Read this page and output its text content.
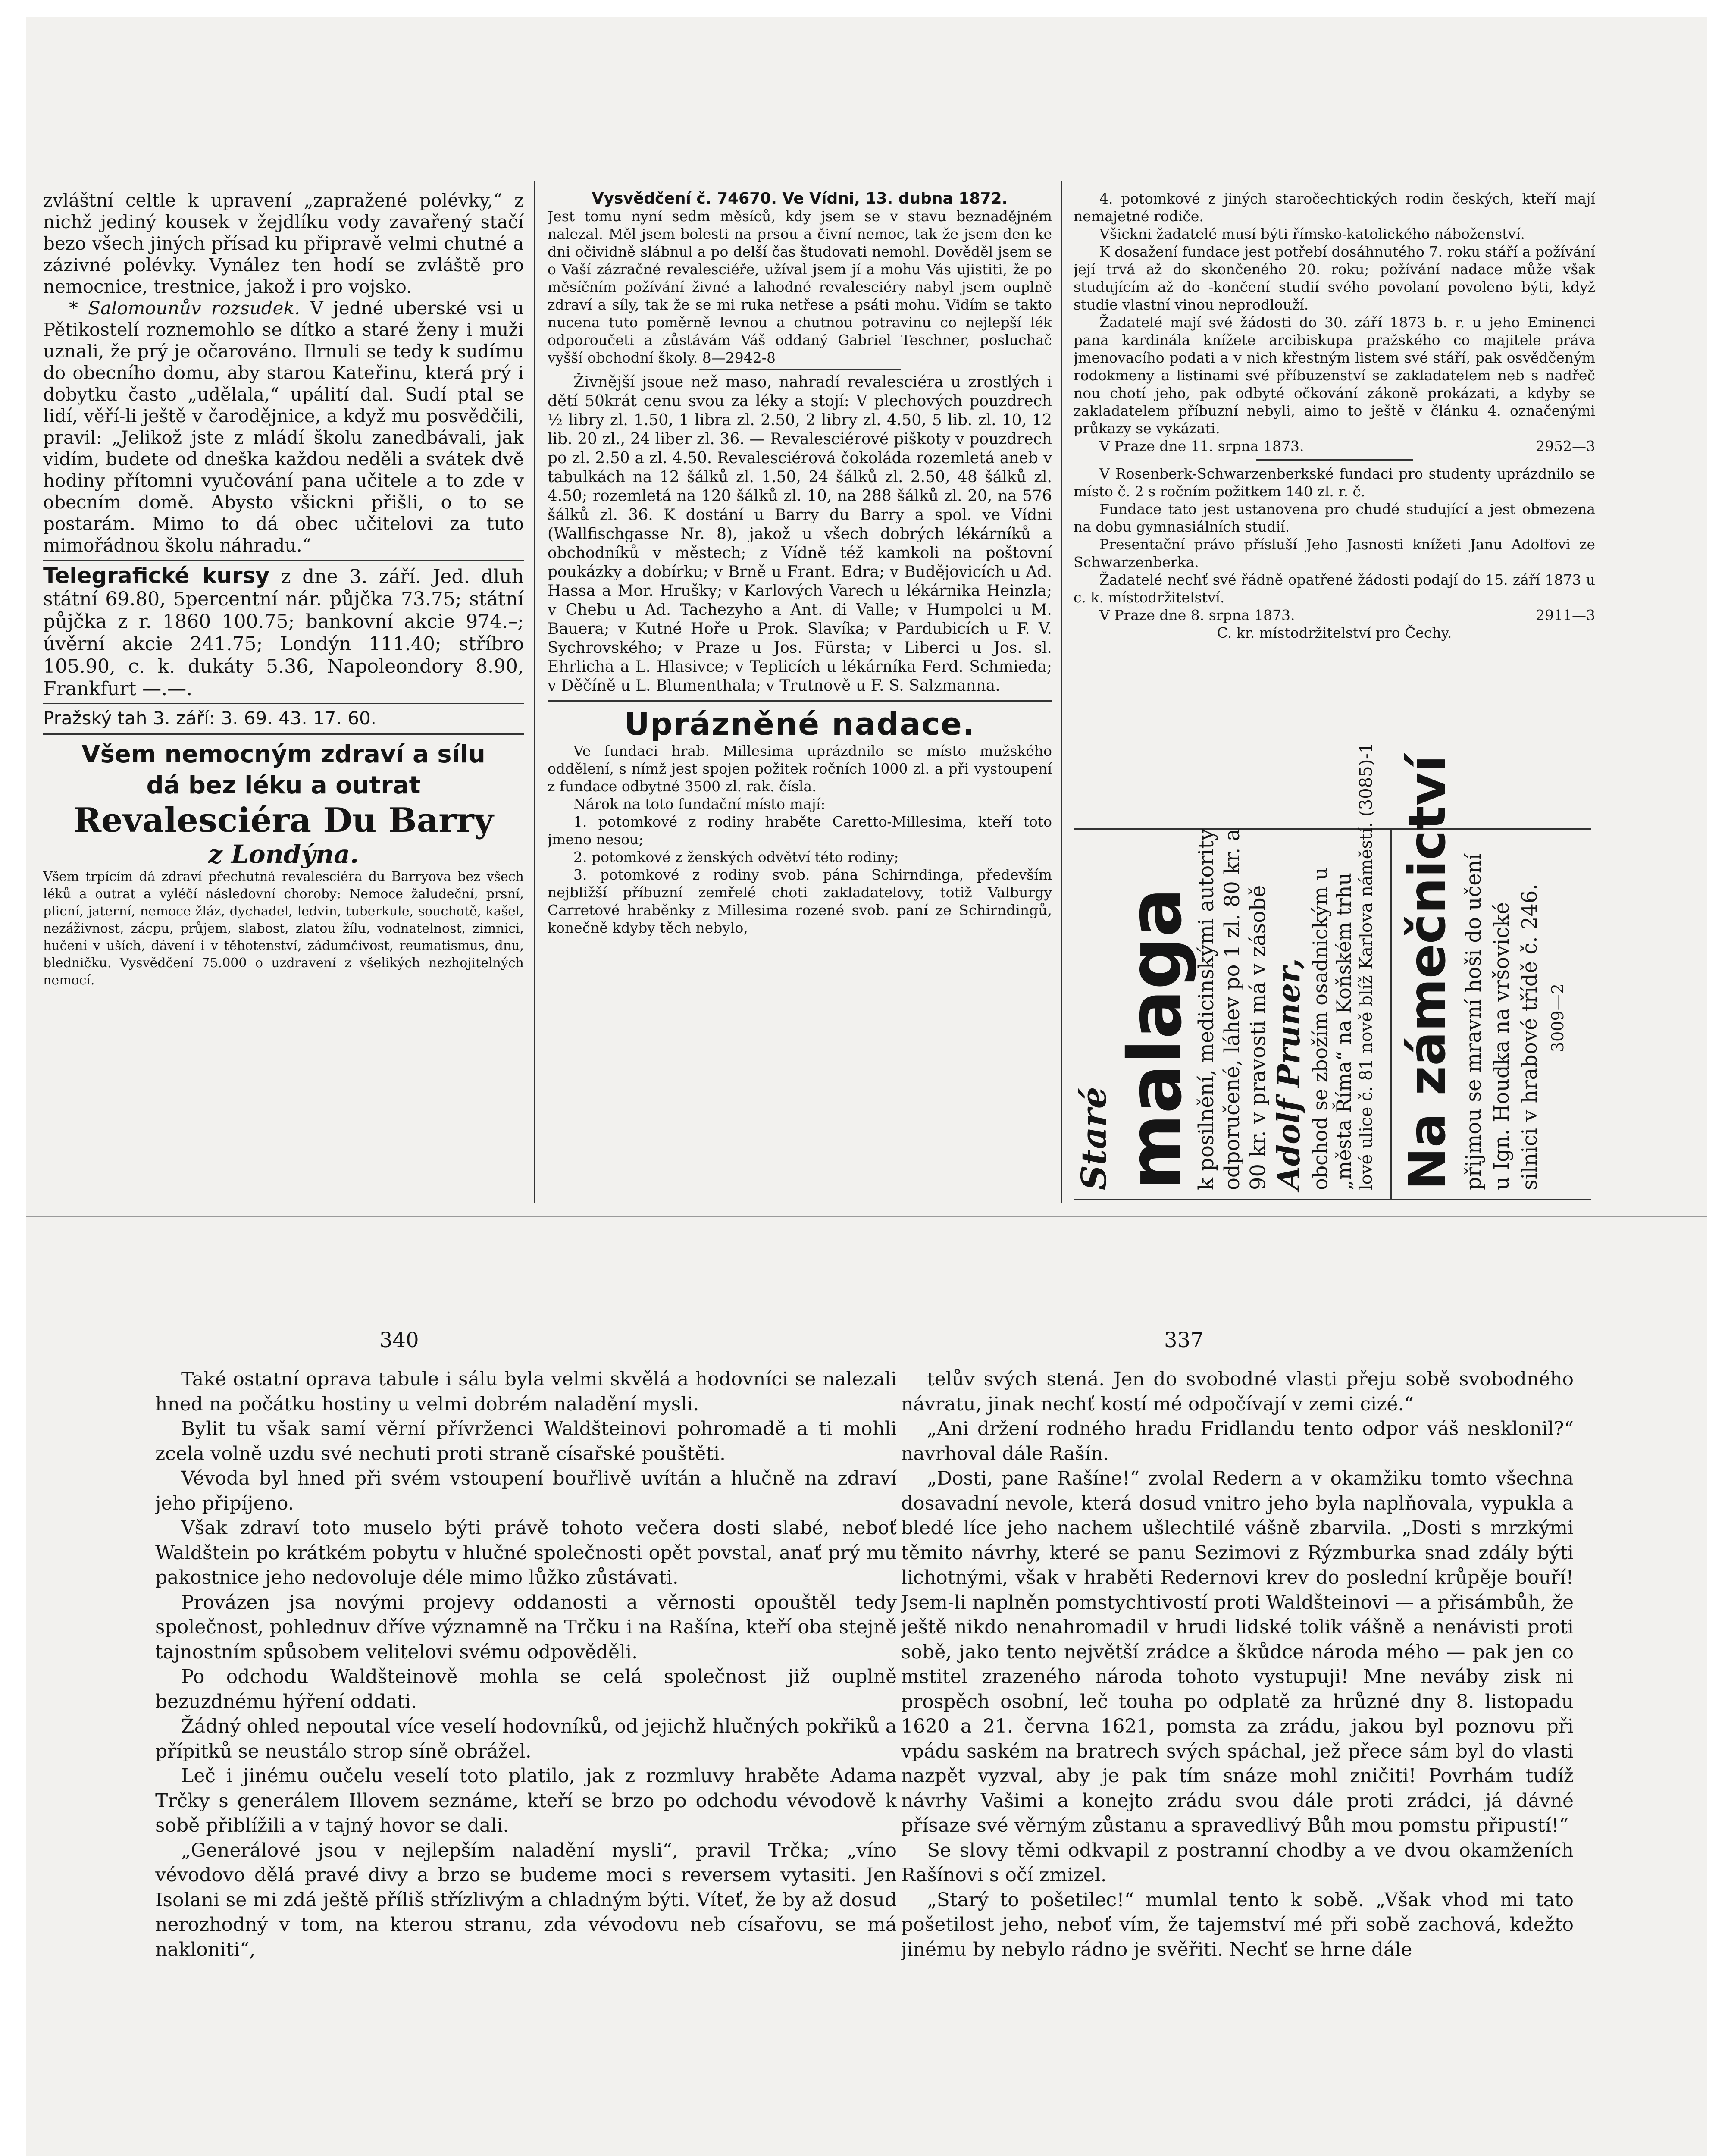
zvláštní celtle k upravení „zapražené polévky,“ z nichž jediný kousek v žejdlíku vody zavařený stačí bezo všech jiných přísad ku připravě velmi chutné a zázivné polévky. Vynález ten hodí se zvláště pro nemocnice, trestnice, jakož i pro vojsko.

* Salomounův rozsudek. V jedné uberské vsi u Pětikostelí roznemohlo se dítko a staré ženy i muži uznali, že prý je očarováno. Ilrnuli se tedy k sudímu do obecního domu, aby starou Kateřinu, která prý i dobytku často „udělala,“ upálití dal. Sudí ptal se lidí, věří-li ještě v čarodějnice, a když mu posvědčili, pravil: „Jelikož jste z mládí školu zanedbávali, jak vidím, budete od dneška každou neděli a svátek dvě hodiny přítomni vyučování pana učitele a to zde v obecním domě. Abysto všickni přišli, o to se postarám. Mimo to dá obec učitelovi za tuto mimořádnou školu náhradu.“

Telegrafické kursy z dne 3. září. Jed. dluh státní 69.80, 5percentní nár. půjčka 73.75; státní půjčka z r. 1860 100.75; bankovní akcie 974.–; úvěrní akcie 241.75; Londýn 111.40; stříbro 105.90, c. k. dukáty 5.36, Napoleondory 8.90, Frankfurt —.—.

Pražský tah 3. září: 3. 69. 43. 17. 60.

Všem nemocným zdraví a sílu
dá bez léku a outrat
Revalesciéra Du Barry
z Londýna.

Všem trpícím dá zdraví přechutná revalesciéra du Barryova bez všech léků a outrat a vyléčí následovní choroby: Nemoce žaludeční, prsní, plicní, jaterní, nemoce žláz, dychadel, ledvin, tuberkule, souchotě, kašel, nezáživnost, zácpu, průjem, slabost, zlatou žílu, vodnatelnost, zimnici, hučení v uších, dávení i v těhotenství, zádumčivost, reumatismus, dnu, bledničku. Vysvědčení 75.000 o uzdravení z všelikých nezhojitelných nemocí.

Vysvědčení č. 74670. Ve Vídni, 13. dubna 1872.

Jest tomu nyní sedm měsíců, kdy jsem se v stavu beznadějném nalezal. Měl jsem bolesti na prsou a čivní nemoc, tak že jsem den ke dni očividně slábnul a po delší čas študovati nemohl. Dověděl jsem se o Vaší zázračné revalesciéře, užíval jsem jí a mohu Vás ujistiti, že po měsíčním požívání živné a lahodné revalesciéry nabyl jsem ouplně zdraví a síly, tak že se mi ruka netřese a psáti mohu. Vidím se takto nucena tuto poměrně levnou a chutnou potravinu co nejlepší lék odporoučeti a zůstávám Váš oddaný Gabriel Teschner, posluchač vyšší obchodní školy. 8—2942-8

Živnější jsoue než maso, nahradí revalesciéra u zrostlých i dětí 50krát cenu svou za léky a stojí: V plechových pouzdrech ½ libry zl. 1.50, 1 libra zl. 2.50, 2 libry zl. 4.50, 5 lib. zl. 10, 12 lib. 20 zl., 24 liber zl. 36. — Revalesciérové piškoty v pouzdrech po zl. 2.50 a zl. 4.50. Revalesciérová čokoláda rozemletá aneb v tabulkách na 12 šálků zl. 1.50, 24 šálků zl. 2.50, 48 šálků zl. 4.50; rozemletá na 120 šálků zl. 10, na 288 šálků zl. 20, na 576 šálků zl. 36. K dostání u Barry du Barry a spol. ve Vídni (Wallfischgasse Nr. 8), jakož u všech dobrých lékárníků a obchodníků v městech; z Vídně též kamkoli na poštovní poukázky a dobírku; v Brně u Frant. Edra; v Budějovicích u Ad. Hassa a Mor. Hrušky; v Karlových Varech u lékárnika Heinzla; v Chebu u Ad. Tachezyho a Ant. di Valle; v Humpolci u M. Bauera; v Kutné Hoře u Prok. Slavíka; v Pardubicích u F. V. Sychrovského; v Praze u Jos. Fürsta; v Liberci u Jos. sl. Ehrlicha a L. Hlasivce; v Teplicích u lékárníka Ferd. Schmieda; v Děčíně u L. Blumenthala; v Trutnově u F. S. Salzmanna.

Uprázněné nadace.

Ve fundaci hrab. Millesima uprázdnilo se místo mužského oddělení, s nímž jest spojen požitek ročních 1000 zl. a při vystoupení z fundace odbytné 3500 zl. rak. čísla.

Nárok na toto fundační místo mají:

1. potomkové z rodiny hraběte Caretto-Millesima, kteří toto jmeno nesou;

2. potomkové z ženských odvětví této rodiny;

3. potomkové z rodiny svob. pána Schirndinga, především nejbližší příbuzní zemřelé choti zakladatelovy, totiž Valburgy Carretové hraběnky z Millesima rozené svob. paní ze Schirndingů, konečně kdyby těch nebylo,

4. potomkové z jiných staročechtických rodin českých, kteří mají nemajetné rodiče.

Všickni žadatelé musí býti římsko-katolického náboženství.

K dosažení fundace jest potřebí dosáhnutého 7. roku stáří a požívání její trvá až do skončeného 20. roku; požívání nadace může však studujícím až do -končení studií svého povolaní povoleno býti, když studie vlastní vinou neprodlouží.

Žadatelé mají své žádosti do 30. září 1873 b. r. u jeho Eminenci pana kardinála knížete arcibiskupa pražského co majitele práva jmenovacího podati a v nich křestným listem své stáří, pak osvědčeným rodokmeny a listinami své příbuzenství se zakladatelem neb s nadřeč nou chotí jeho, pak odbyté očkování zákoně prokázati, a kdyby se zakladatelem příbuzní nebyli, aimo to ještě v článku 4. označenými průkazy se vykázati.

V Praze dne 11. srpna 1873.	2952—3

V Rosenberk-Schwarzenberkské fundaci pro studenty uprázdnilo se místo č. 2 s ročním požitkem 140 zl. r. č.

Fundace tato jest ustanovena pro chudé studující a jest obmezena na dobu gymnasiálních studií.

Presentační právo přísluší Jeho Jasnosti knížeti Janu Adolfovi ze Schwarzenberka.

Žadatelé nechť své řádně opatřené žádosti podají do 15. září 1873 u c. k. místodržitelství.

V Praze dne 8. srpna 1873.	2911—3

C. kr. místodržitelství pro Čechy.

Staré
malaga
k posilnění, medicinskými autority odporučené, láhev po 1 zl. 80 kr. a 90 kr. v pravosti má v zásobě Adolf Pruner, obchod se zbožím osadnickým u „města Říma“ na Koňském trhu lové ulice č. 81 nově blíž Karlova náměstí. (3085)-1 Na zámečnictví přijmou se mravní hoši do učení u Ign. Houdka na vršovické silnici v hrabové třídě č. 246. 3009—2
340

Také ostatní oprava tabule i sálu byla velmi skvělá a hodovníci se nalezali hned na počátku hostiny u velmi dobrém naladění mysli.

Bylit tu však samí věrní přívrženci Waldšteinovi pohromadě a ti mohli zcela volně uzdu své nechuti proti straně císařské pouštěti.

Vévoda byl hned při svém vstoupení bouřlivě uvítán a hlučně na zdraví jeho připíjeno.

Však zdraví toto muselo býti právě tohoto večera dosti slabé, neboť Waldštein po krátkém pobytu v hlučné společnosti opět povstal, anať prý mu pakostnice jeho nedovoluje déle mimo lůžko zůstávati.

Provázen jsa novými projevy oddanosti a věrnosti opouštěl tedy společnost, pohlednuv dříve významně na Trčku i na Rašína, kteří oba stejně tajnostním spůsobem velitelovi svému odpověděli.

Po odchodu Waldšteinově mohla se celá společnost již ouplně bezuzdnému hýření oddati.

Žádný ohled nepoutal více veselí hodovníků, od jejichž hlučných pokřiků a přípitků se neustálo strop síně obrážel.

Leč i jinému oučelu veselí toto platilo, jak z rozmluvy hraběte Adama Trčky s generálem Illovem seznáme, kteří se brzo po odchodu vévodově k sobě přiblížili a v tajný hovor se dali.

„Generálové jsou v nejlepším naladění mysli“, pravil Trčka; „víno vévodovo dělá pravé divy a brzo se budeme moci s reversem vytasiti. Jen Isolani se mi zdá ještě příliš střízlivým a chladným býti. Víteť, že by až dosud nerozhodný v tom, na kterou stranu, zda vévodovu neb císařovu, se má nakloniti“,

337

telův svých stená. Jen do svobodné vlasti přeju sobě svobodného návratu, jinak nechť kostí mé odpočívají v zemi cizé.“

„Ani držení rodného hradu Fridlandu tento odpor váš nesklonil?“ navrhoval dále Rašín.

„Dosti, pane Rašíne!“ zvolal Redern a v okamžiku tomto všechna dosavadní nevole, která dosud vnitro jeho byla naplňovala, vypukla a bledé líce jeho nachem ušlechtilé vášně zbarvila. „Dosti s mrzkými těmito návrhy, které se panu Sezimovi z Rýzmburka snad zdály býti lichotnými, však v hraběti Redernovi krev do poslední krůpěje bouří! Jsem-li naplněn pomstychtivostí proti Waldšteinovi — a přisámbůh, že ještě nikdo nenahromadil v hrudi lidské tolik vášně a nenávisti proti sobě, jako tento největší zrádce a škůdce národa mého — pak jen co mstitel zrazeného národa tohoto vystupuji! Mne neváby zisk ni prospěch osobní, leč touha po odplatě za hrůzné dny 8. listopadu 1620 a 21. června 1621, pomsta za zrádu, jakou byl poznovu při vpádu saském na bratrech svých spáchal, jež přece sám byl do vlasti nazpět vyzval, aby je pak tím snáze mohl zničiti! Povrhám tudíž návrhy Vašimi a konejto zrádu svou dále proti zrádci, já dávné přísaze své věrným zůstanu a spravedlivý Bůh mou pomstu připustí!“

Se slovy těmi odkvapil z postranní chodby a ve dvou okamženích Rašínovi s očí zmizel.

„Starý to pošetilec!“ mumlal tento k sobě. „Však vhod mi tato pošetilost jeho, neboť vím, že tajemství mé při sobě zachová, kdežto jinému by nebylo rádno je svěřiti. Nechť se hrne dále
